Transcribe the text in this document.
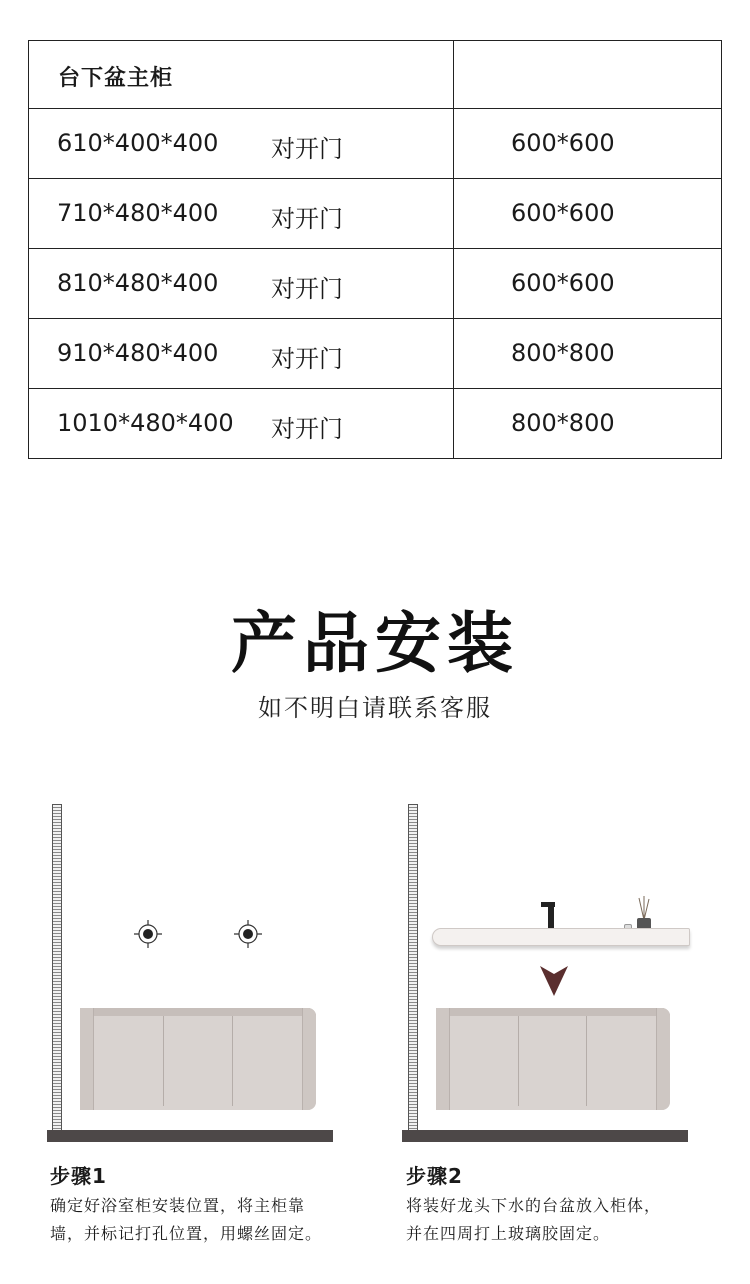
台下盆主柜
610*400*400 对开门	600*600
710*480*400 对开门	600*600
810*480*400 对开门	600*600
910*480*400 对开门	800*800
1010*480*400 对开门	800*800
产品安装
如不明白请联系客服
步骤1
确定好浴室柜安装位置，将主柜靠
墙，并标记打孔位置，用螺丝固定。
步骤2
将装好龙头下水的台盆放入柜体，
并在四周打上玻璃胶固定。
